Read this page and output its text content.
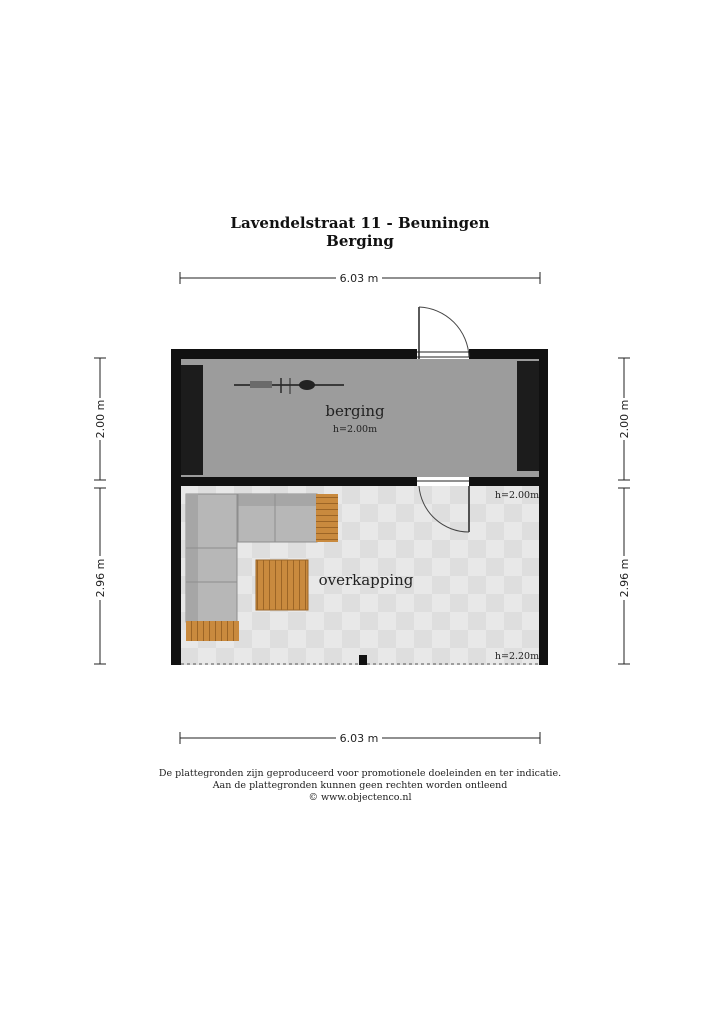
Lavendelstraat 11 - Beuningen
Berging
6.03 m
6.03 m
2.00 m
2.96 m
2.00 m
2.96 m
berging
h=2.00m
overkapping
h=2.00m
h=2.20m
De plattegronden zijn geproduceerd voor promotionele doeleinden en ter indicatie.
Aan de plattegronden kunnen geen rechten worden ontleend
© www.objectenco.nl
